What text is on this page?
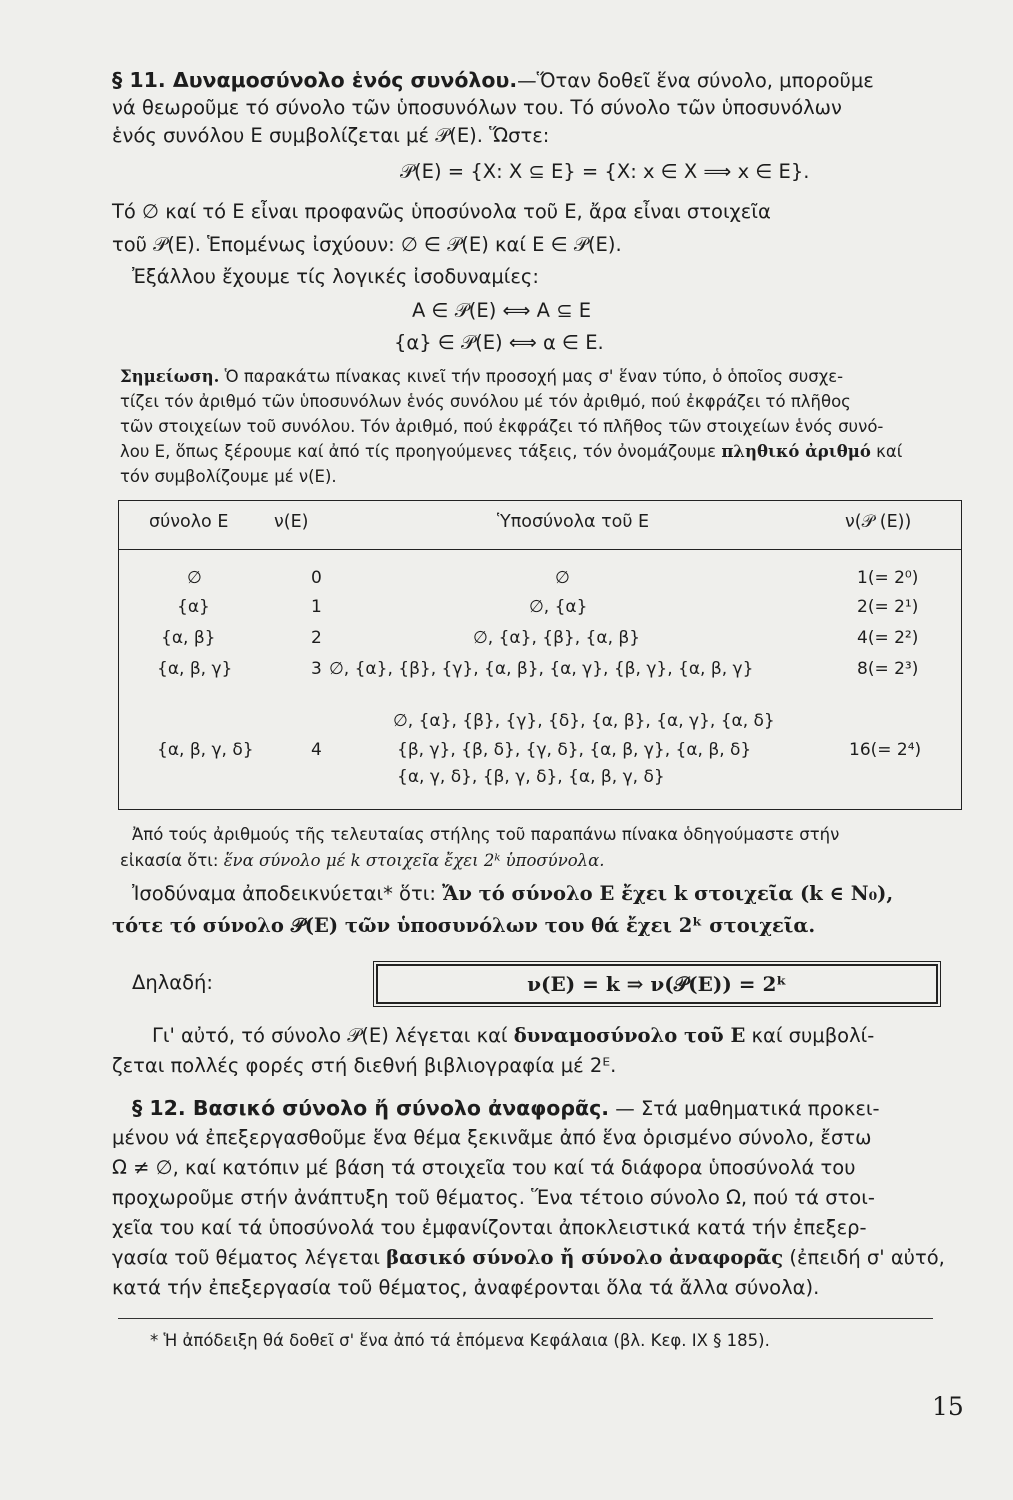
§ 11. Δυναμοσύνολο ἑνός συνόλου.—Ὅταν δοθεῖ ἕνα σύνολο, μποροῦμε
νά θεωροῦμε τό σύνολο τῶν ὑποσυνόλων του. Τό σύνολο τῶν ὑποσυνόλων
ἑνός συνόλου Ε συμβολίζεται μέ 𝒫(Ε). Ὥστε:
𝒫(Ε) = {Χ: Χ ⊆ Ε} = {Χ: x ∈ Χ ⟹ x ∈ Ε}.
Τό ∅ καί τό Ε εἶναι προφανῶς ὑποσύνολα τοῦ Ε, ἄρα εἶναι στοιχεῖα
τοῦ 𝒫(Ε). Ἑπομένως ἰσχύουν: ∅ ∈ 𝒫(Ε) καί Ε ∈ 𝒫(Ε).
Ἐξάλλου ἔχουμε τίς λογικές ἰσοδυναμίες:
Α ∈ 𝒫(Ε) ⟺ Α ⊆ Ε
{α} ∈ 𝒫(Ε) ⟺ α ∈ Ε.
Σημείωση. Ὁ παρακάτω πίνακας κινεῖ τήν προσοχή μας σ' ἕναν τύπο, ὁ ὁποῖος συσχε-
τίζει τόν ἀριθμό τῶν ὑποσυνόλων ἑνός συνόλου μέ τόν ἀριθμό, πού ἐκφράζει τό πλῆθος
τῶν στοιχείων τοῦ συνόλου. Τόν ἀριθμό, πού ἐκφράζει τό πλῆθος τῶν στοιχείων ἑνός συνό-
λου Ε, ὅπως ξέρουμε καί ἀπό τίς προηγούμενες τάξεις, τόν ὀνομάζουμε πληθικό ἀριθμό καί
τόν συμβολίζουμε μέ ν(Ε).
σύνολο Ε	ν(Ε)	Ὑποσύνολα τοῦ Ε	ν(𝒫 (Ε))
∅	0	∅	1(= 2⁰)
{α}	1	∅, {α}	2(= 2¹)
{α, β}	2	∅, {α}, {β}, {α, β}	4(= 2²)
{α, β, γ}	3 ∅, {α}, {β}, {γ}, {α, β}, {α, γ}, {β, γ}, {α, β, γ}	8(= 2³)
∅, {α}, {β}, {γ}, {δ}, {α, β}, {α, γ}, {α, δ}
{α, β, γ, δ}	4	{β, γ}, {β, δ}, {γ, δ}, {α, β, γ}, {α, β, δ}	16(= 2⁴)
{α, γ, δ}, {β, γ, δ}, {α, β, γ, δ}
Ἀπό τούς ἀριθμούς τῆς τελευταίας στήλης τοῦ παραπάνω πίνακα ὁδηγούμαστε στήν
εἰκασία ὅτι: ἕνα σύνολο μέ k στοιχεῖα ἔχει 2ᵏ ὑποσύνολα.
Ἰσοδύναμα ἀποδεικνύεται* ὅτι: Ἄν τό σύνολο Ε ἔχει k στοιχεῖα (k ∈ N₀),
τότε τό σύνολο 𝒫(Ε) τῶν ὑποσυνόλων του θά ἔχει 2ᵏ στοιχεῖα.
Δηλαδή:	ν(Ε) = k ⇒ ν(𝒫(Ε)) = 2ᵏ
Γι' αὐτό, τό σύνολο 𝒫(Ε) λέγεται καί δυναμοσύνολο τοῦ Ε καί συμβολί-
ζεται πολλές φορές στή διεθνή βιβλιογραφία μέ 2ᴱ.
§ 12. Βασικό σύνολο ἤ σύνολο ἀναφορᾶς. — Στά μαθηματικά προκει-
μένου νά ἐπεξεργασθοῦμε ἕνα θέμα ξεκινᾶμε ἀπό ἕνα ὁρισμένο σύνολο, ἔστω
Ω ≠ ∅, καί κατόπιν μέ βάση τά στοιχεῖα του καί τά διάφορα ὑποσύνολά του
προχωροῦμε στήν ἀνάπτυξη τοῦ θέματος. Ἕνα τέτοιο σύνολο Ω, πού τά στοι-
χεῖα του καί τά ὑποσύνολά του ἐμφανίζονται ἀποκλειστικά κατά τήν ἐπεξερ-
γασία τοῦ θέματος λέγεται βασικό σύνολο ἤ σύνολο ἀναφορᾶς (ἐπειδή σ' αὐτό,
κατά τήν ἐπεξεργασία τοῦ θέματος, ἀναφέρονται ὅλα τά ἄλλα σύνολα).
* Ἡ ἀπόδειξη θά δοθεῖ σ' ἕνα ἀπό τά ἑπόμενα Κεφάλαια (βλ. Κεφ. ΙΧ § 185).
15
